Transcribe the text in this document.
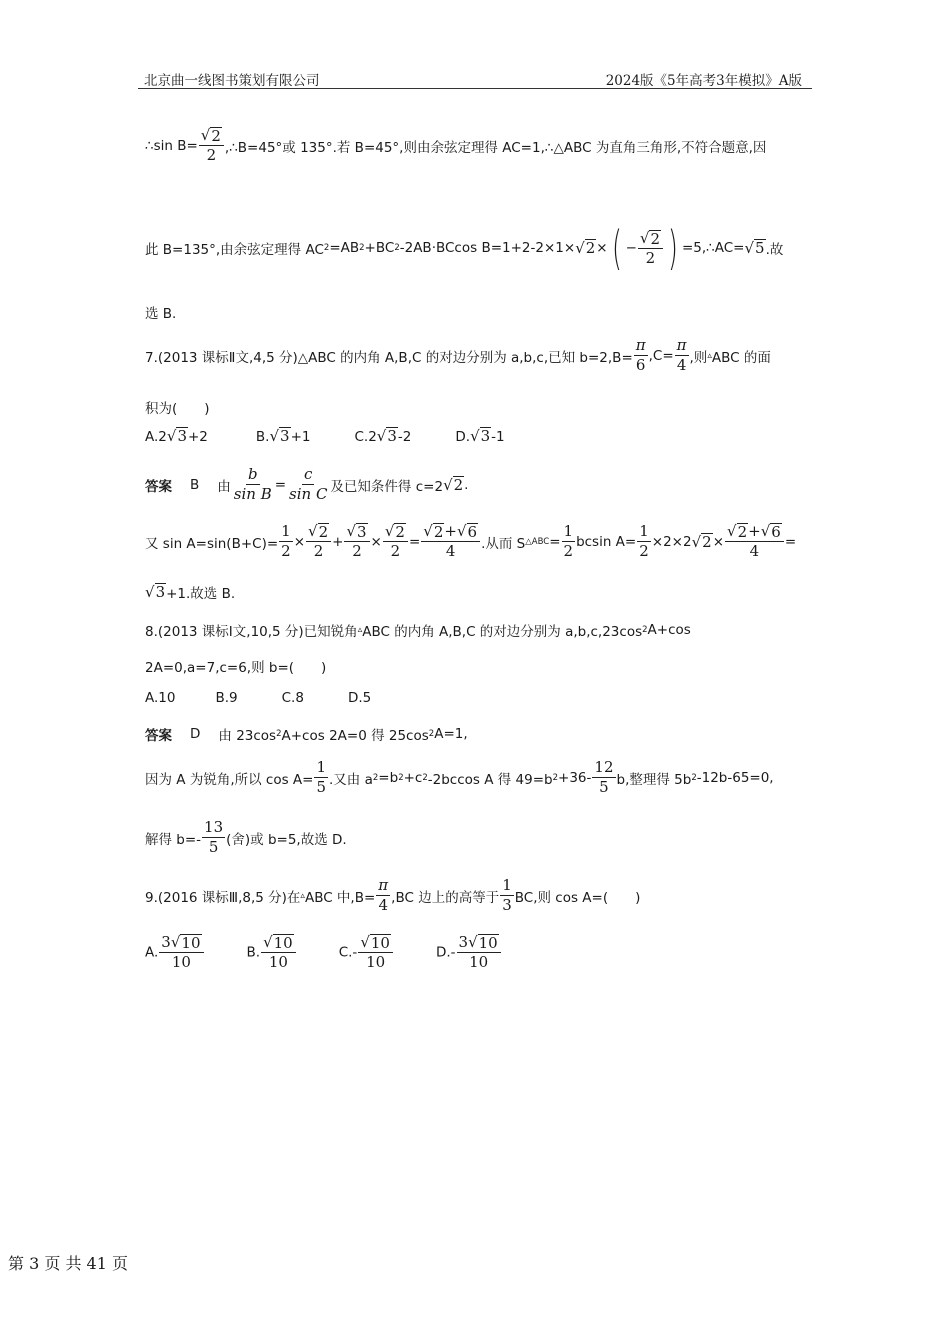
北京曲一线图书策划有限公司	2024版《5年高考3年模拟》A版
∴sin $B= \frac{√ 2}{2}$ ,∴B=45°或 135°.若 B=45°,则由余弦定理得 AC=1,∴△ABC 为直角三角形,不符合题意,因
此 B=135°,由余弦定理得 AC 2 =AB 2 +BC 2 -2AB·BCcos B=1+2-2×1× √ 2 × ( − $\frac{√ 2}{2}$ ) =5,∴AC= √ 5 .故
选 B.
7.(2013 课标Ⅱ文,4,5 分)△ABC 的内角 A,B,C 的对边分别为 a,b,c,已知 $b=2,B= \frac{\pi}{6} ,C= \frac{\pi}{4}$ ,则 ▵ ABC 的面
积为(　　)
A.2 √ 3 +2	B. √ 3 +1	C.2 √ 3 -2	D. √ 3 -1
答案 B 由 $\frac{b}{\text{sin B}} = \frac{c}{\text{sin C}}$ 及已知条件得 c=2 √ 2 .
又 $\sin A=\sin(B+C)= \frac{1}{2} \times \frac{√ 2}{2} + \frac{√ 3}{2} \times \frac{√ 2}{2} = \frac{√ 2 + √ 6}{4}$ .从而 S △ABC = $\frac{1}{2}$ bcsin $A= \frac{1}{2} \times 2\times 2$ √ $2 \times \frac{√ 2 + √ 6}{4}$ =
√ 3 +1.故选 B.
8.(2013 课标Ⅰ文,10,5 分)已知锐角 ▵ ABC 的内角 A,B,C 的对边分别为 a,b,c,23cos 2 A+cos
2A=0,a=7,c=6,则 b=(　　)
A.10	B.9	C.8	D.5
答案 D 由 23cos 2 A+cos 2A=0 得 25cos 2 A=1,
因为 A 为锐角,所以 $\cos A= \frac{1}{5}$ .又由 a 2 =b 2 +c 2 -2bccos A 得 49=b $2 +36- \frac{12}{5} b$,整理得 5b 2 -12b-65=0,
解得 $b=- \frac{13}{5}$ (舍)或 b=5,故选 D.
9.(2016 课标Ⅲ,8,5 分)在 ▵ ABC 中$,B= \frac{\pi}{4} ,BC$ 边上的高等于 $\frac{1}{3}$ BC,则 cos A=(　　)
A. $\frac{3 √ 10}{10}$	B. $\frac{√ 10}{10}$	$C.- \frac{√ 10}{10}$	$D.- \frac{3 √ 10}{10}$
第 3 页 共 41 页
